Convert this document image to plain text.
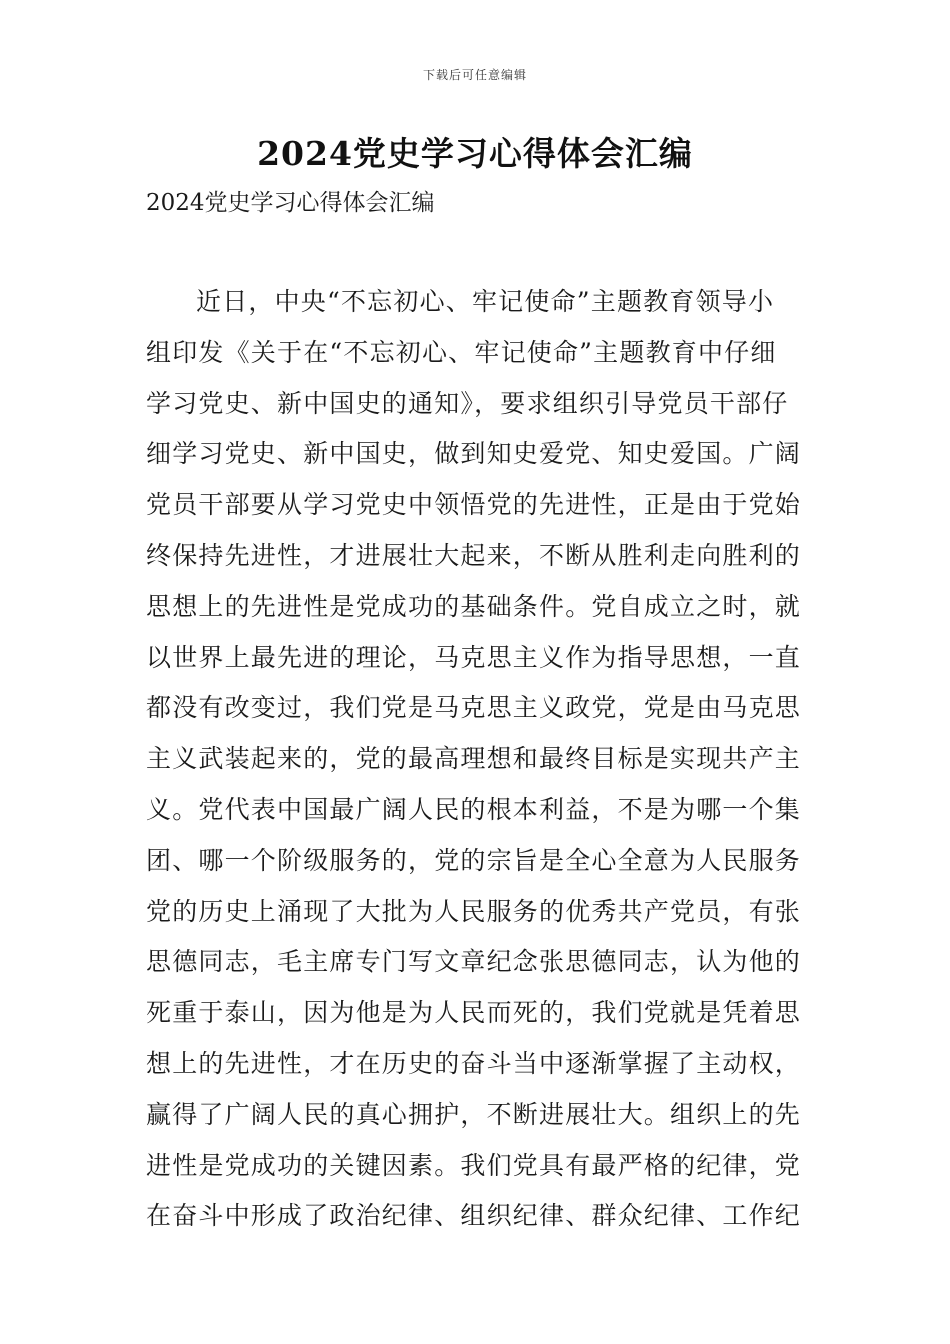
下载后可任意编辑
2024党史学习心得体会汇编

2024党史学习心得体会汇编

近日，中央“不忘初心、牢记使命”主题教育领导小
组印发《关于在“不忘初心、牢记使命”主题教育中仔细
学习党史、新中国史的通知》，要求组织引导党员干部仔
细学习党史、新中国史，做到知史爱党、知史爱国。广阔
党员干部要从学习党史中领悟党的先进性，正是由于党始
终保持先进性，才进展壮大起来，不断从胜利走向胜利的
思想上的先进性是党成功的基础条件。党自成立之时，就
以世界上最先进的理论，马克思主义作为指导思想，一直
都没有改变过，我们党是马克思主义政党，党是由马克思
主义武装起来的，党的最高理想和最终目标是实现共产主
义。党代表中国最广阔人民的根本利益，不是为哪一个集
团、哪一个阶级服务的，党的宗旨是全心全意为人民服务
党的历史上涌现了大批为人民服务的优秀共产党员，有张
思德同志，毛主席专门写文章纪念张思德同志，认为他的
死重于泰山，因为他是为人民而死的，我们党就是凭着思
想上的先进性，才在历史的奋斗当中逐渐掌握了主动权，
赢得了广阔人民的真心拥护，不断进展壮大。组织上的先
进性是党成功的关键因素。我们党具有最严格的纪律，党
在奋斗中形成了政治纪律、组织纪律、群众纪律、工作纪
